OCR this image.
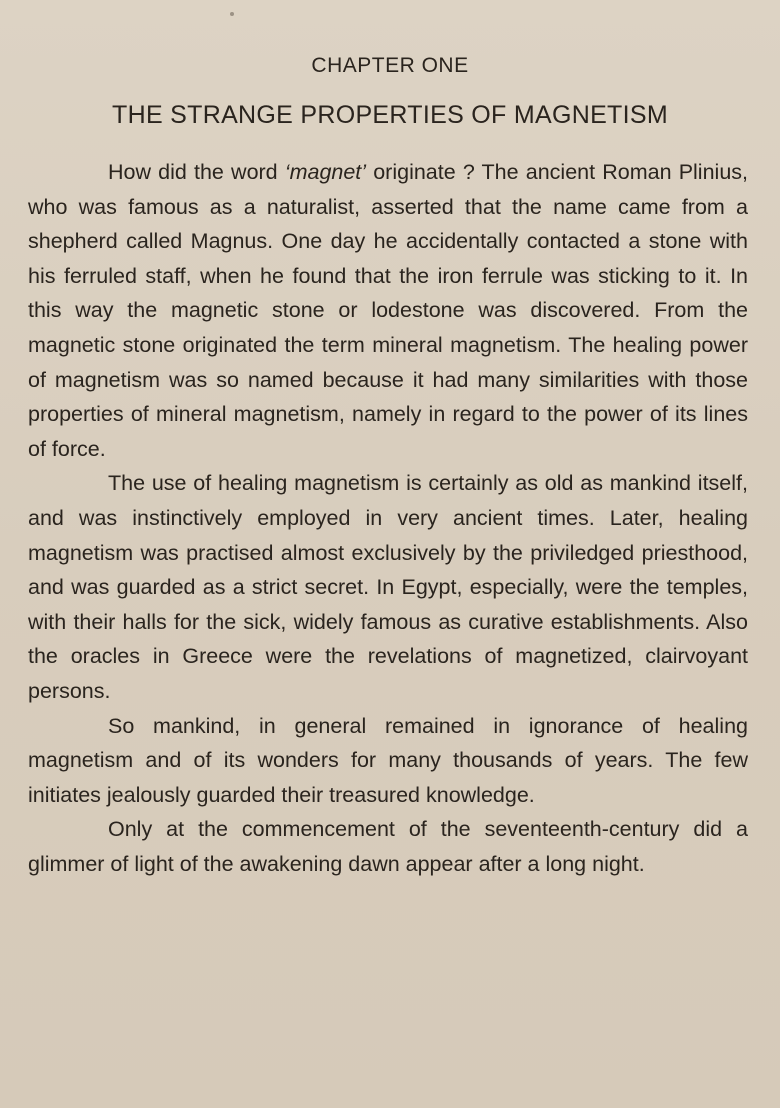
CHAPTER ONE
THE STRANGE PROPERTIES OF MAGNETISM

How did the word ‘magnet’ originate ? The ancient Roman Plinius, who was famous as a naturalist, asserted that the name came from a shepherd called Magnus. One day he accidentally contacted a stone with his ferruled staff, when he found that the iron ferrule was sticking to it. In this way the magnetic stone or lodestone was discovered. From the magnetic stone originated the term mineral magnetism. The healing power of magnetism was so named because it had many similarities with those properties of mineral magnetism, namely in regard to the power of its lines of force.

The use of healing magnetism is certainly as old as mankind itself, and was instinctively employed in very ancient times. Later, healing magnetism was practised almost exclusively by the priviledged priesthood, and was guarded as a strict secret. In Egypt, especially, were the temples, with their halls for the sick, widely famous as curative establishments. Also the oracles in Greece were the revelations of magnetized, clairvoyant persons.

So mankind, in general remained in ignorance of healing magnetism and of its wonders for many thousands of years. The few initiates jealously guarded their treasured knowledge.

Only at the commencement of the seventeenth-century did a glimmer of light of the awakening dawn appear after a long night.
